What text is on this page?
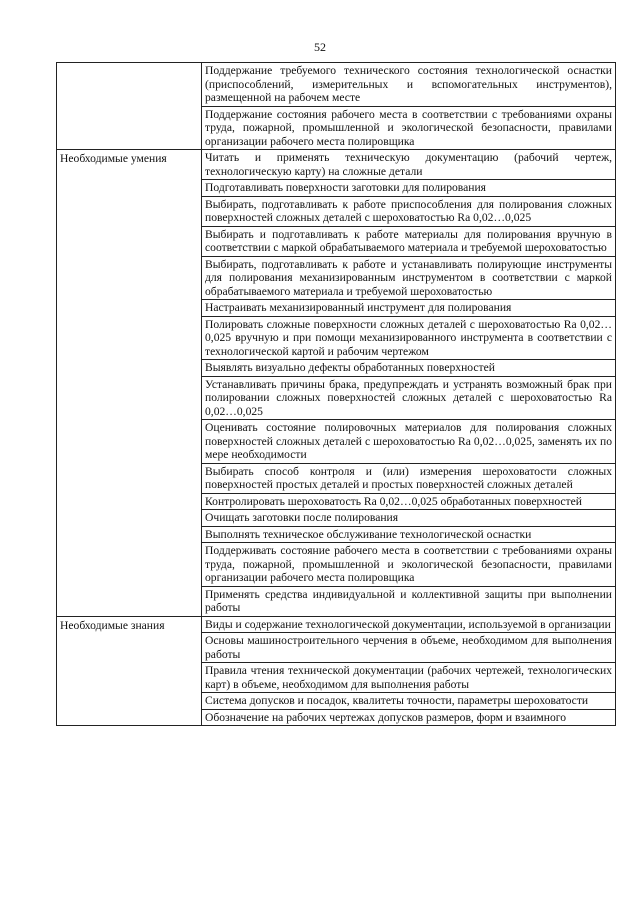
52
	Поддержание требуемого технического состояния технологической оснастки (приспособлений, измерительных и вспомогательных инструментов), размещенной на рабочем месте
	Поддержание состояния рабочего места в соответствии с требованиями охраны труда, пожарной, промышленной и экологической безопасности, правилами организации рабочего места полировщика

Необходимые умения	Читать и применять техническую документацию (рабочий чертеж, технологическую карту) на сложные детали
	Подготавливать поверхности заготовки для полирования
	Выбирать, подготавливать к работе приспособления для полирования сложных поверхностей сложных деталей с шероховатостью Ra 0,02…0,025
	Выбирать и подготавливать к работе материалы для полирования вручную в соответствии с маркой обрабатываемого материала и требуемой шероховатостью
	Выбирать, подготавливать к работе и устанавливать полирующие инструменты для полирования механизированным инструментом в соответствии с маркой обрабатываемого материала и требуемой шероховатостью
	Настраивать механизированный инструмент для полирования
	Полировать сложные поверхности сложных деталей с шероховатостью Ra 0,02…0,025 вручную и при помощи механизированного инструмента в соответствии с технологической картой и рабочим чертежом
	Выявлять визуально дефекты обработанных поверхностей
	Устанавливать причины брака, предупреждать и устранять возможный брак при полировании сложных поверхностей сложных деталей с шероховатостью Ra 0,02…0,025
	Оценивать состояние полировочных материалов для полирования сложных поверхностей сложных деталей с шероховатостью Ra 0,02…0,025, заменять их по мере необходимости
	Выбирать способ контроля и (или) измерения шероховатости сложных поверхностей простых деталей и простых поверхностей сложных деталей
	Контролировать шероховатость Ra 0,02…0,025 обработанных поверхностей
	Очищать заготовки после полирования
	Выполнять техническое обслуживание технологической оснастки
	Поддерживать состояние рабочего места в соответствии с требованиями охраны труда, пожарной, промышленной и экологической безопасности, правилами организации рабочего места полировщика
	Применять средства индивидуальной и коллективной защиты при выполнении работы

Необходимые знания	Виды и содержание технологической документации, используемой в организации
	Основы машиностроительного черчения в объеме, необходимом для выполнения работы
	Правила чтения технической документации (рабочих чертежей, технологических карт) в объеме, необходимом для выполнения работы
	Система допусков и посадок, квалитеты точности, параметры шероховатости
	Обозначение на рабочих чертежах допусков размеров, форм и взаимного
